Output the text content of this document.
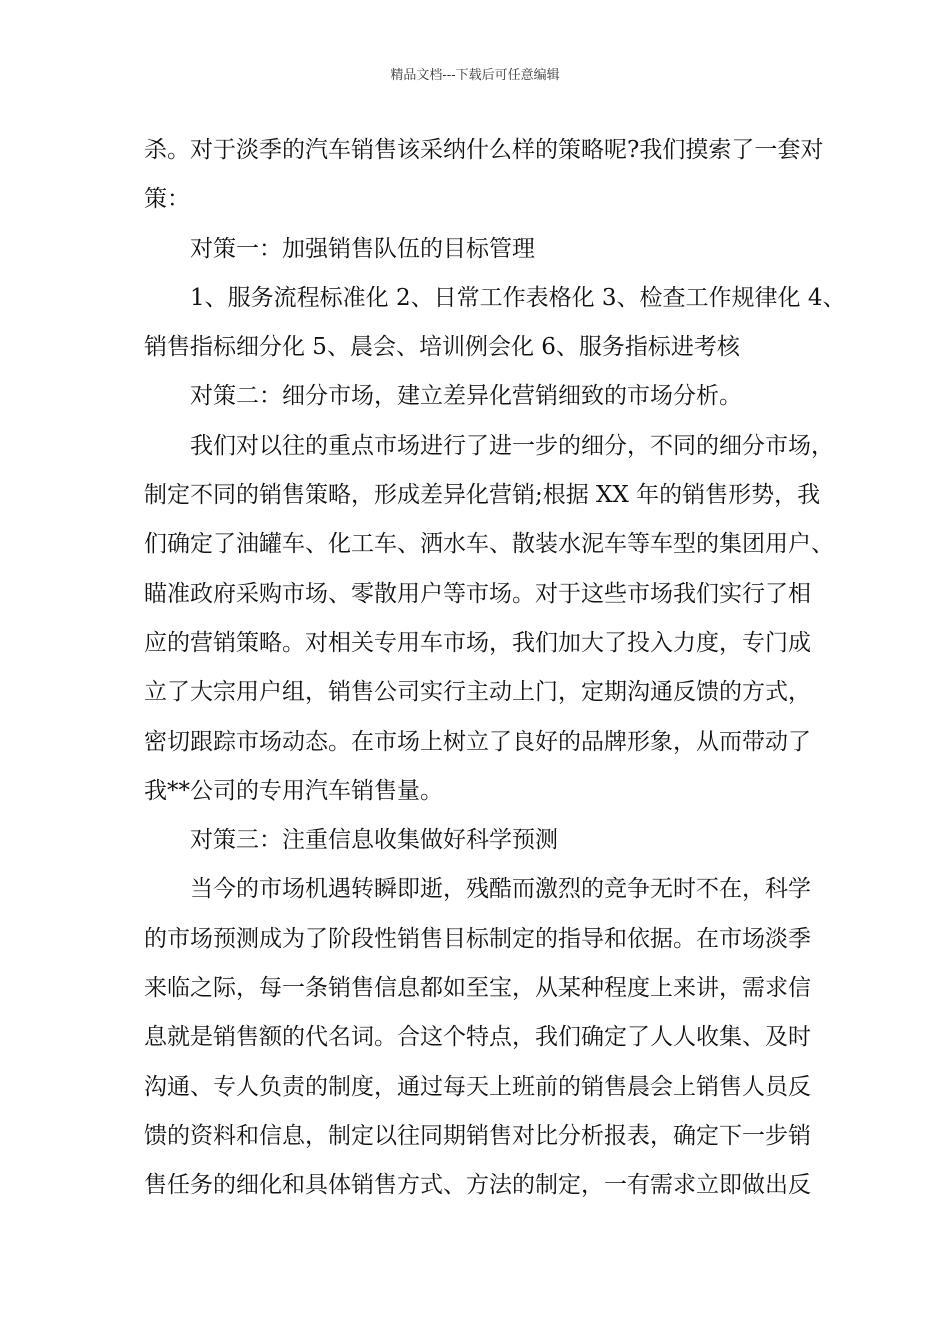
精品文档---下载后可任意编辑
杀。对于淡季的汽车销售该采纳什么样的策略呢?我们摸索了一套对
策：
对策一：加强销售队伍的目标管理
1、服务流程标准化 2、日常工作表格化 3、检查工作规律化 4、
销售指标细分化 5、晨会、培训例会化 6、服务指标进考核
对策二：细分市场，建立差异化营销细致的市场分析。
我们对以往的重点市场进行了进一步的细分，不同的细分市场，
制定不同的销售策略，形成差异化营销;根据 XX 年的销售形势，我
们确定了油罐车、化工车、洒水车、散装水泥车等车型的集团用户、
瞄准政府采购市场、零散用户等市场。对于这些市场我们实行了相
应的营销策略。对相关专用车市场，我们加大了投入力度，专门成
立了大宗用户组，销售公司实行主动上门，定期沟通反馈的方式，
密切跟踪市场动态。在市场上树立了良好的品牌形象，从而带动了
我**公司的专用汽车销售量。
对策三：注重信息收集做好科学预测
当今的市场机遇转瞬即逝，残酷而激烈的竞争无时不在，科学
的市场预测成为了阶段性销售目标制定的指导和依据。在市场淡季
来临之际，每一条销售信息都如至宝，从某种程度上来讲，需求信
息就是销售额的代名词。合这个特点，我们确定了人人收集、及时
沟通、专人负责的制度，通过每天上班前的销售晨会上销售人员反
馈的资料和信息，制定以往同期销售对比分析报表，确定下一步销
售任务的细化和具体销售方式、方法的制定，一有需求立即做出反
